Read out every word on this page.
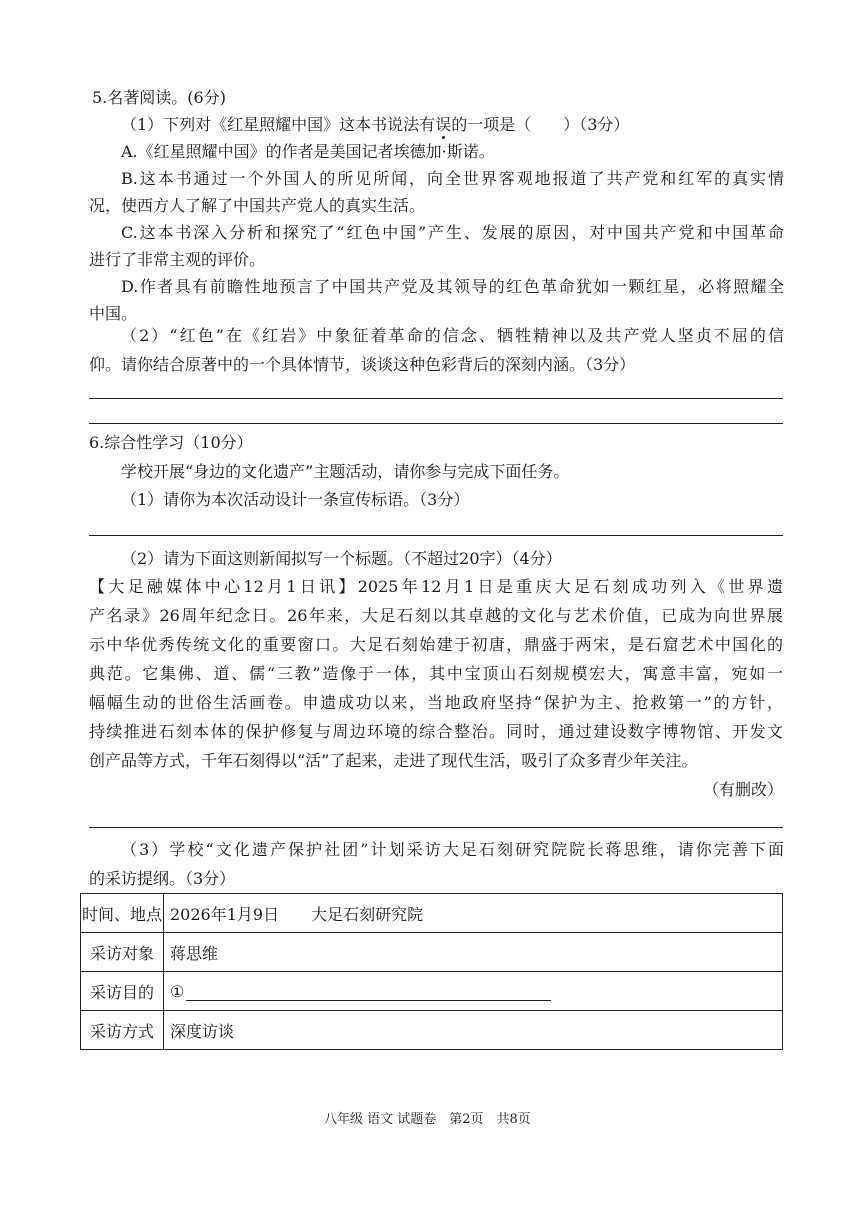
5.名著阅读。(6分)
（1）下列对《红星照耀中国》这本书说法有误的一项是（　　）（3分）
A.《红星照耀中国》的作者是美国记者埃德加·斯诺。
B.这本书通过一个外国人的所见所闻，向全世界客观地报道了共产党和红军的真实情
况，使西方人了解了中国共产党人的真实生活。
C.这本书深入分析和探究了“红色中国”产生、发展的原因，对中国共产党和中国革命
进行了非常主观的评价。
D.作者具有前瞻性地预言了中国共产党及其领导的红色革命犹如一颗红星，必将照耀全
中国。
（2）“红色”在《红岩》中象征着革命的信念、牺牲精神以及共产党人坚贞不屈的信
仰。请你结合原著中的一个具体情节，谈谈这种色彩背后的深刻内涵。（3分）
6.综合性学习（10分）
学校开展“身边的文化遗产”主题活动，请你参与完成下面任务。
（1）请你为本次活动设计一条宣传标语。（3分）
（2）请为下面这则新闻拟写一个标题。（不超过20字）（4分）
【大足融媒体中心12月1日讯】2025年12月1日是重庆大足石刻成功列入《世界遗
产名录》26周年纪念日。26年来，大足石刻以其卓越的文化与艺术价值，已成为向世界展
示中华优秀传统文化的重要窗口。大足石刻始建于初唐，鼎盛于两宋，是石窟艺术中国化的
典范。它集佛、道、儒“三教”造像于一体，其中宝顶山石刻规模宏大，寓意丰富，宛如一
幅幅生动的世俗生活画卷。申遗成功以来，当地政府坚持“保护为主、抢救第一”的方针，
持续推进石刻本体的保护修复与周边环境的综合整治。同时，通过建设数字博物馆、开发文
创产品等方式，千年石刻得以“活”了起来，走进了现代生活，吸引了众多青少年关注。
（有删改）
（3）学校“文化遗产保护社团”计划采访大足石刻研究院院长蒋思维，请你完善下面
的采访提纲。（3分）
时间、地点	2026年1月9日　　大足石刻研究院
采访对象	蒋思维
采访目的	①
采访方式	深度访谈
八年级 语文 试题卷　第2页　共8页
